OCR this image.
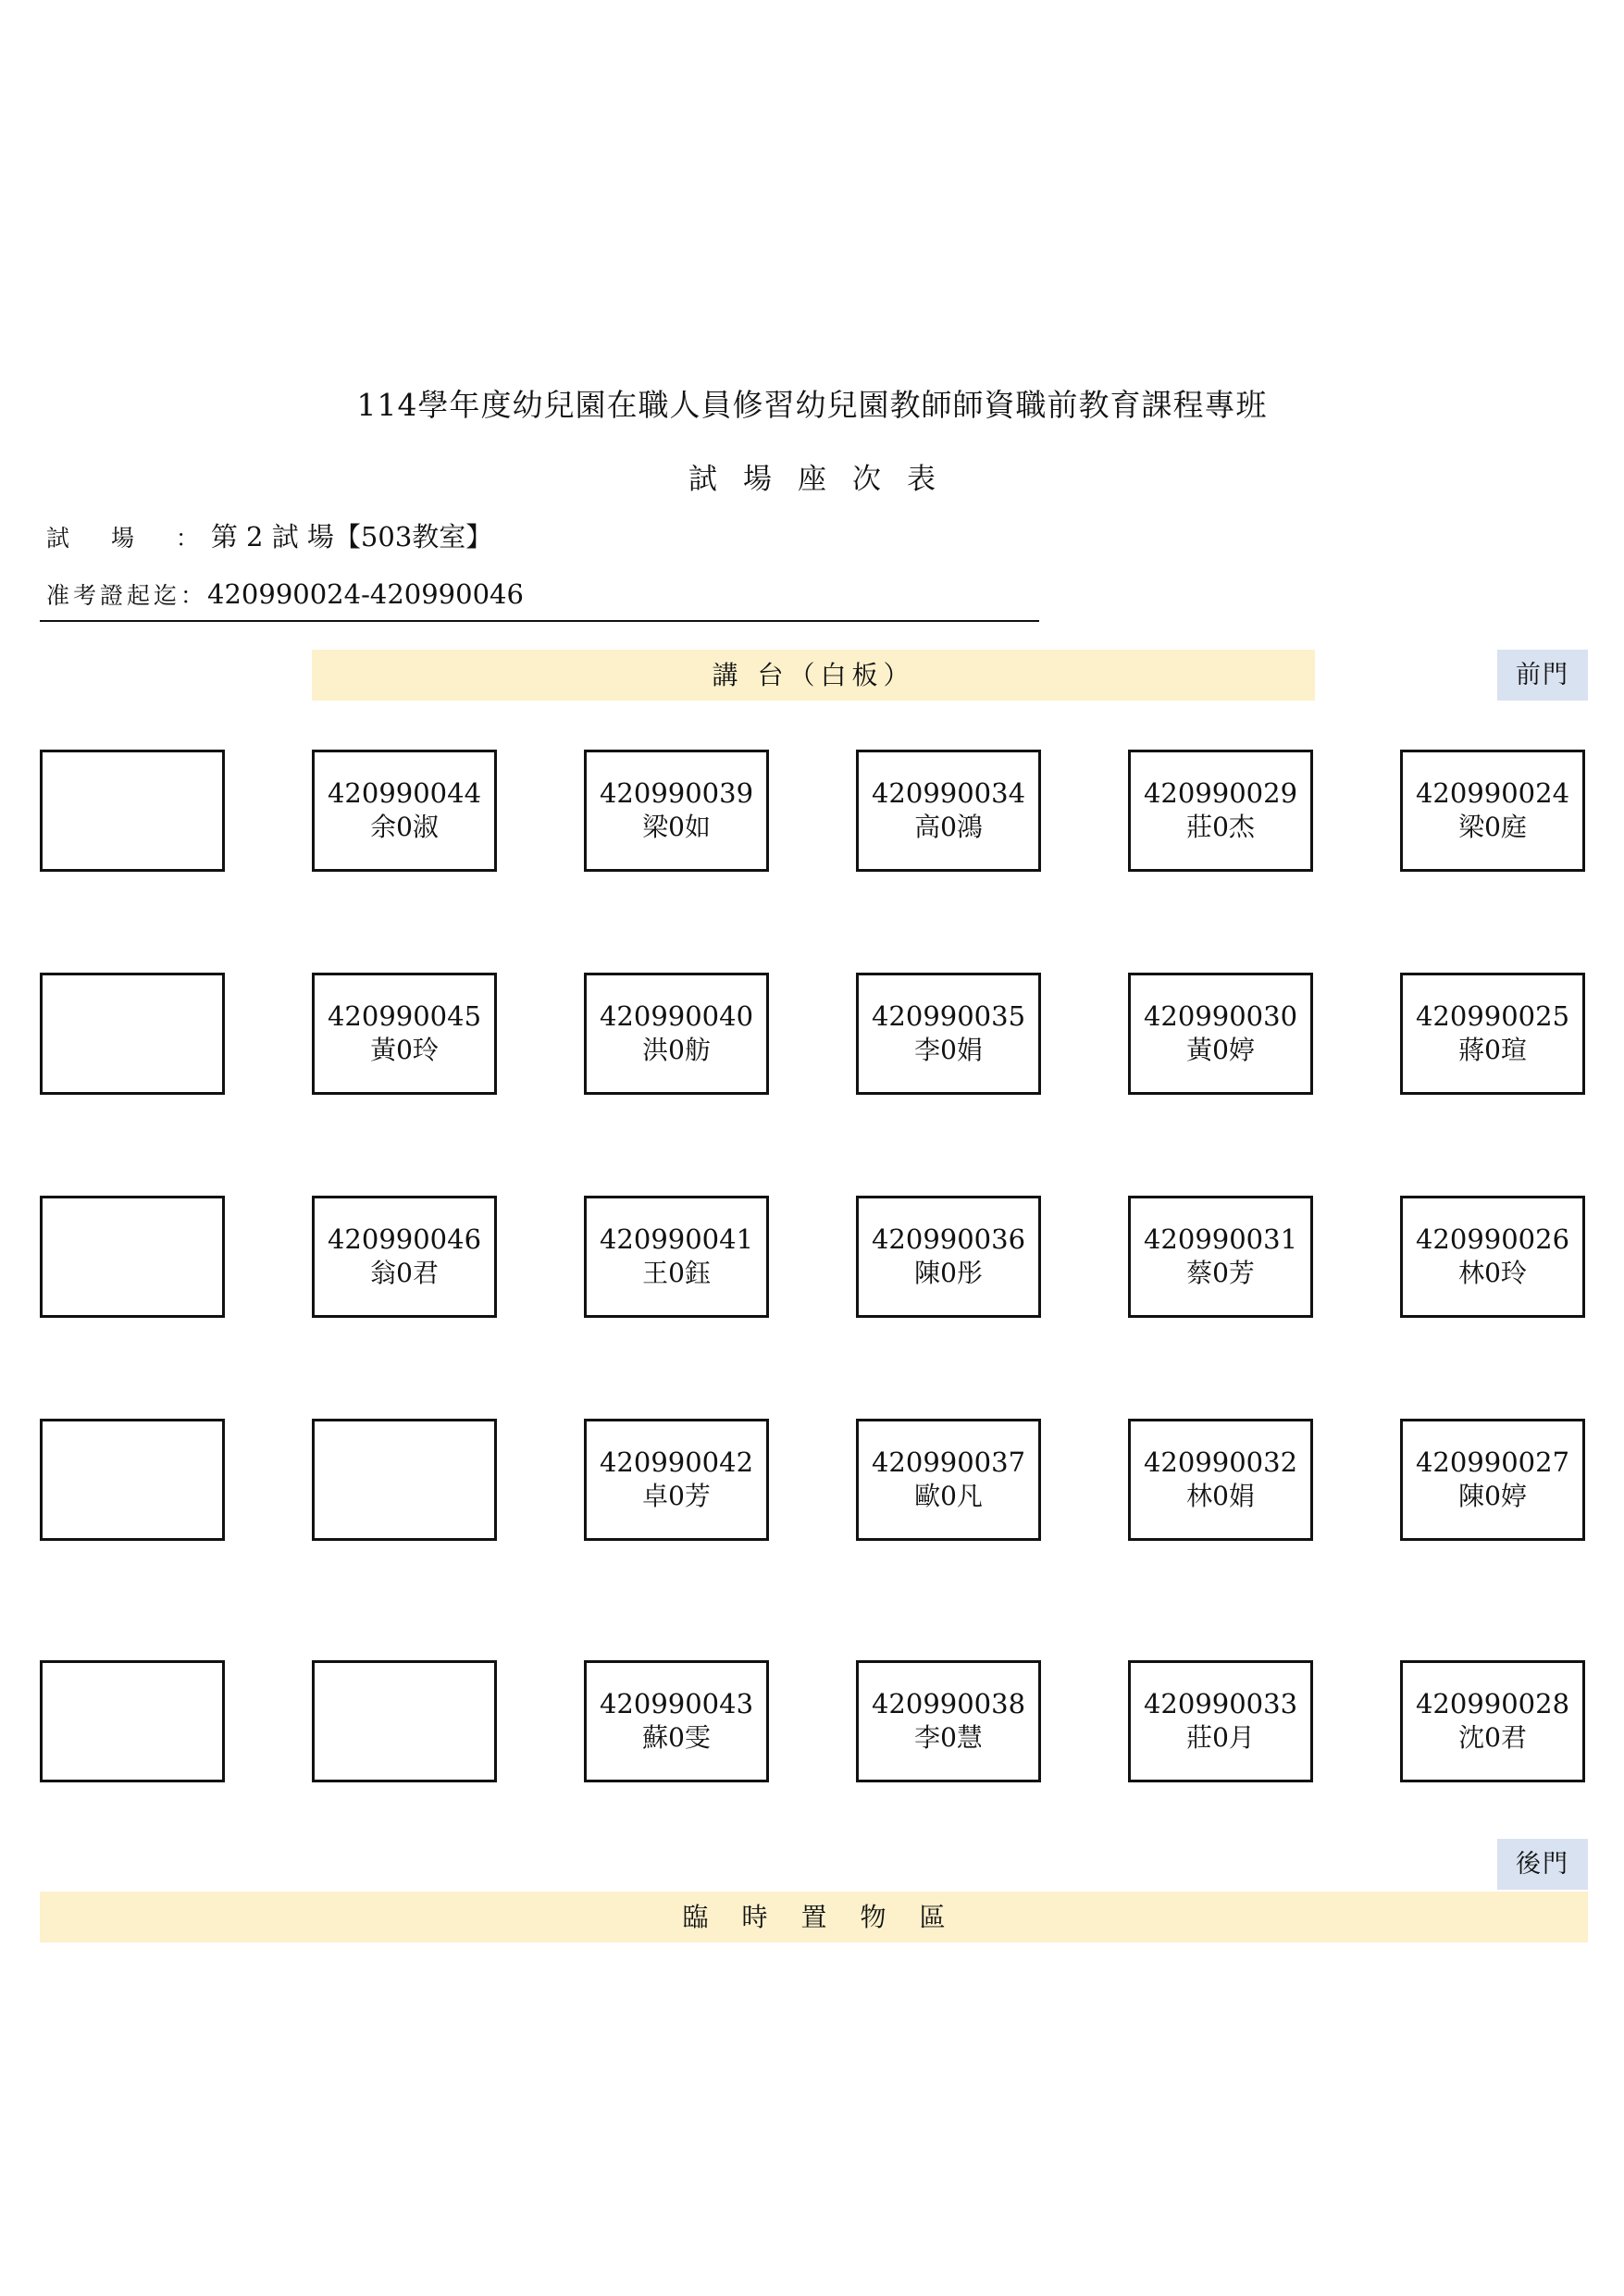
114學年度幼兒園在職人員修習幼兒園教師師資職前教育課程專班
試場座次表
試　 場　 ： 第 2 試 場【503教室】
准考證起迄：420990024-420990046
講 台（白板）	前門
420990044
余0淑
420990039
梁0如
420990034
高0鴻
420990029
莊0杰
420990024
梁0庭
420990045
黃0玲
420990040
洪0舫
420990035
李0娟
420990030
黃0婷
420990025
蔣0瑄
420990046
翁0君
420990041
王0鈺
420990036
陳0彤
420990031
蔡0芳
420990026
林0玲
420990042
卓0芳
420990037
歐0凡
420990032
林0娟
420990027
陳0婷
420990043
蘇0雯
420990038
李0慧
420990033
莊0月
420990028
沈0君
後門
臨時置物區
